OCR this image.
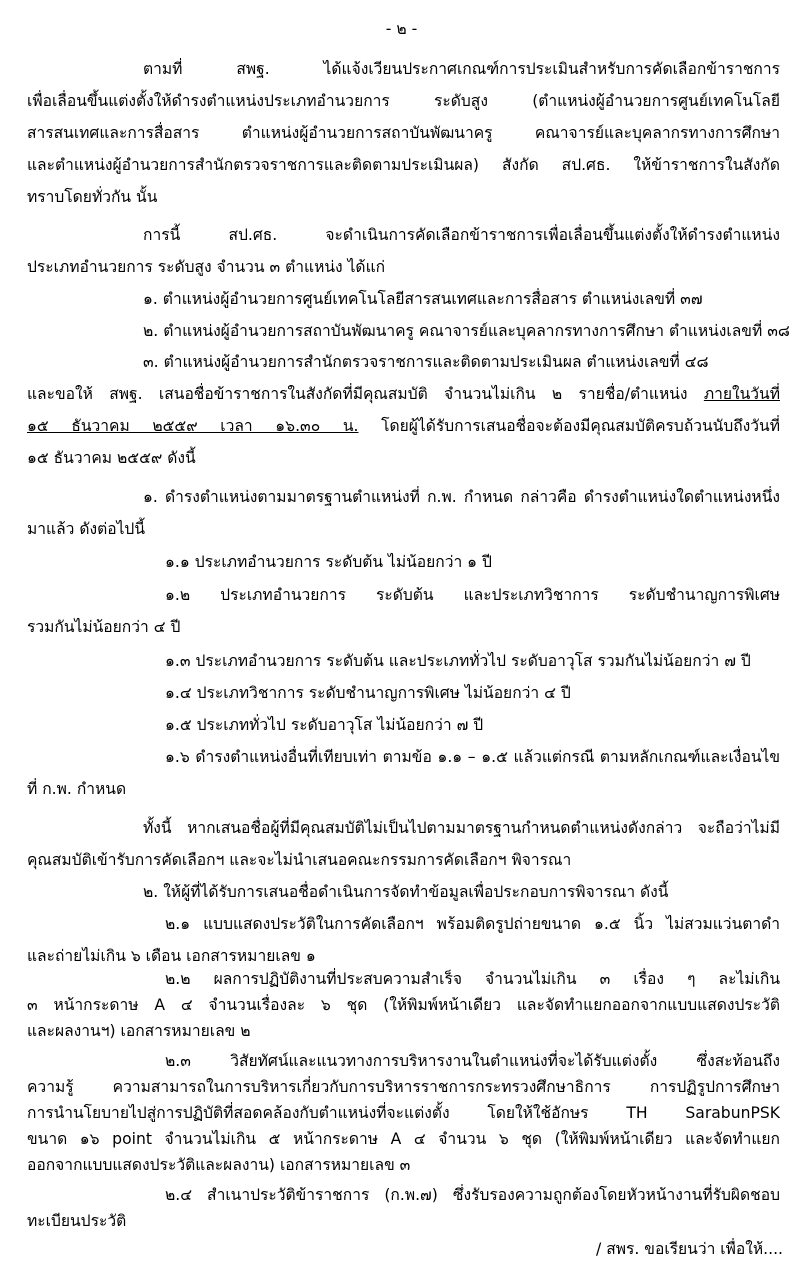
- ๒ -
ตามที่ สพฐ. ได้แจ้งเวียนประกาศเกณฑ์การประเมินสำหรับการคัดเลือกข้าราชการ
เพื่อเลื่อนขึ้นแต่งตั้งให้ดำรงตำแหน่งประเภทอำนวยการ ระดับสูง (ตำแหน่งผู้อำนวยการศูนย์เทคโนโลยี
สารสนเทศและการสื่อสาร ตำแหน่งผู้อำนวยการสถาบันพัฒนาครู คณาจารย์และบุคลากรทางการศึกษา
และตำแหน่งผู้อำนวยการสำนักตรวจราชการและติดตามประเมินผล) สังกัด สป.ศธ. ให้ข้าราชการในสังกัด
ทราบโดยทั่วกัน นั้น
การนี้ สป.ศธ. จะดำเนินการคัดเลือกข้าราชการเพื่อเลื่อนขึ้นแต่งตั้งให้ดำรงตำแหน่ง
ประเภทอำนวยการ ระดับสูง จำนวน ๓ ตำแหน่ง ได้แก่
๑. ตำแหน่งผู้อำนวยการศูนย์เทคโนโลยีสารสนเทศและการสื่อสาร ตำแหน่งเลขที่ ๓๗
๒. ตำแหน่งผู้อำนวยการสถาบันพัฒนาครู คณาจารย์และบุคลากรทางการศึกษา ตำแหน่งเลขที่ ๓๘
๓. ตำแหน่งผู้อำนวยการสำนักตรวจราชการและติดตามประเมินผล ตำแหน่งเลขที่ ๔๘
และขอให้ สพฐ. เสนอชื่อข้าราชการในสังกัดที่มีคุณสมบัติ จำนวนไม่เกิน ๒ รายชื่อ/ตำแหน่ง ภายในวันที่
๑๕ ธันวาคม ๒๕๕๙ เวลา ๑๖.๓๐ น. โดยผู้ได้รับการเสนอชื่อจะต้องมีคุณสมบัติครบถ้วนนับถึงวันที่
๑๕ ธันวาคม ๒๕๕๙ ดังนี้
๑. ดำรงตำแหน่งตามมาตรฐานตำแหน่งที่ ก.พ. กำหนด กล่าวคือ ดำรงตำแหน่งใดตำแหน่งหนึ่ง
มาแล้ว ดังต่อไปนี้
๑.๑ ประเภทอำนวยการ ระดับต้น ไม่น้อยกว่า ๑ ปี
๑.๒ ประเภทอำนวยการ ระดับต้น และประเภทวิชาการ ระดับชำนาญการพิเศษ
รวมกันไม่น้อยกว่า ๔ ปี
๑.๓ ประเภทอำนวยการ ระดับต้น และประเภททั่วไป ระดับอาวุโส รวมกันไม่น้อยกว่า ๗ ปี
๑.๔ ประเภทวิชาการ ระดับชำนาญการพิเศษ ไม่น้อยกว่า ๔ ปี
๑.๕ ประเภททั่วไป ระดับอาวุโส ไม่น้อยกว่า ๗ ปี
๑.๖ ดำรงตำแหน่งอื่นที่เทียบเท่า ตามข้อ ๑.๑ – ๑.๕ แล้วแต่กรณี ตามหลักเกณฑ์และเงื่อนไข
ที่ ก.พ. กำหนด
ทั้งนี้ หากเสนอชื่อผู้ที่มีคุณสมบัติไม่เป็นไปตามมาตรฐานกำหนดตำแหน่งดังกล่าว จะถือว่าไม่มี
คุณสมบัติเข้ารับการคัดเลือกฯ และจะไม่นำเสนอคณะกรรมการคัดเลือกฯ พิจารณา
๒. ให้ผู้ที่ได้รับการเสนอชื่อดำเนินการจัดทำข้อมูลเพื่อประกอบการพิจารณา ดังนี้
๒.๑ แบบแสดงประวัติในการคัดเลือกฯ พร้อมติดรูปถ่ายขนาด ๑.๕ นิ้ว ไม่สวมแว่นตาดำ
และถ่ายไม่เกิน ๖ เดือน เอกสารหมายเลข ๑
๒.๒ ผลการปฏิบัติงานที่ประสบความสำเร็จ จำนวนไม่เกิน ๓ เรื่อง ๆ ละไม่เกิน
๓ หน้ากระดาษ A ๔ จำนวนเรื่องละ ๖ ชุด (ให้พิมพ์หน้าเดียว และจัดทำแยกออกจากแบบแสดงประวัติ
และผลงานฯ) เอกสารหมายเลข ๒
๒.๓ วิสัยทัศน์และแนวทางการบริหารงานในตำแหน่งที่จะได้รับแต่งตั้ง ซึ่งสะท้อนถึง
ความรู้ ความสามารถในการบริหารเกี่ยวกับการบริหารราชการกระทรวงศึกษาธิการ การปฏิรูปการศึกษา
การนำนโยบายไปสู่การปฏิบัติที่สอดคล้องกับตำแหน่งที่จะแต่งตั้ง โดยให้ใช้อักษร TH SarabunPSK
ขนาด ๑๖ point จำนวนไม่เกิน ๕ หน้ากระดาษ A ๔ จำนวน ๖ ชุด (ให้พิมพ์หน้าเดียว และจัดทำแยก
ออกจากแบบแสดงประวัติและผลงาน) เอกสารหมายเลข ๓
๒.๔ สำเนาประวัติข้าราชการ (ก.พ.๗) ซึ่งรับรองความถูกต้องโดยหัวหน้างานที่รับผิดชอบ
ทะเบียนประวัติ
/ สพร. ขอเรียนว่า เพื่อให้....
